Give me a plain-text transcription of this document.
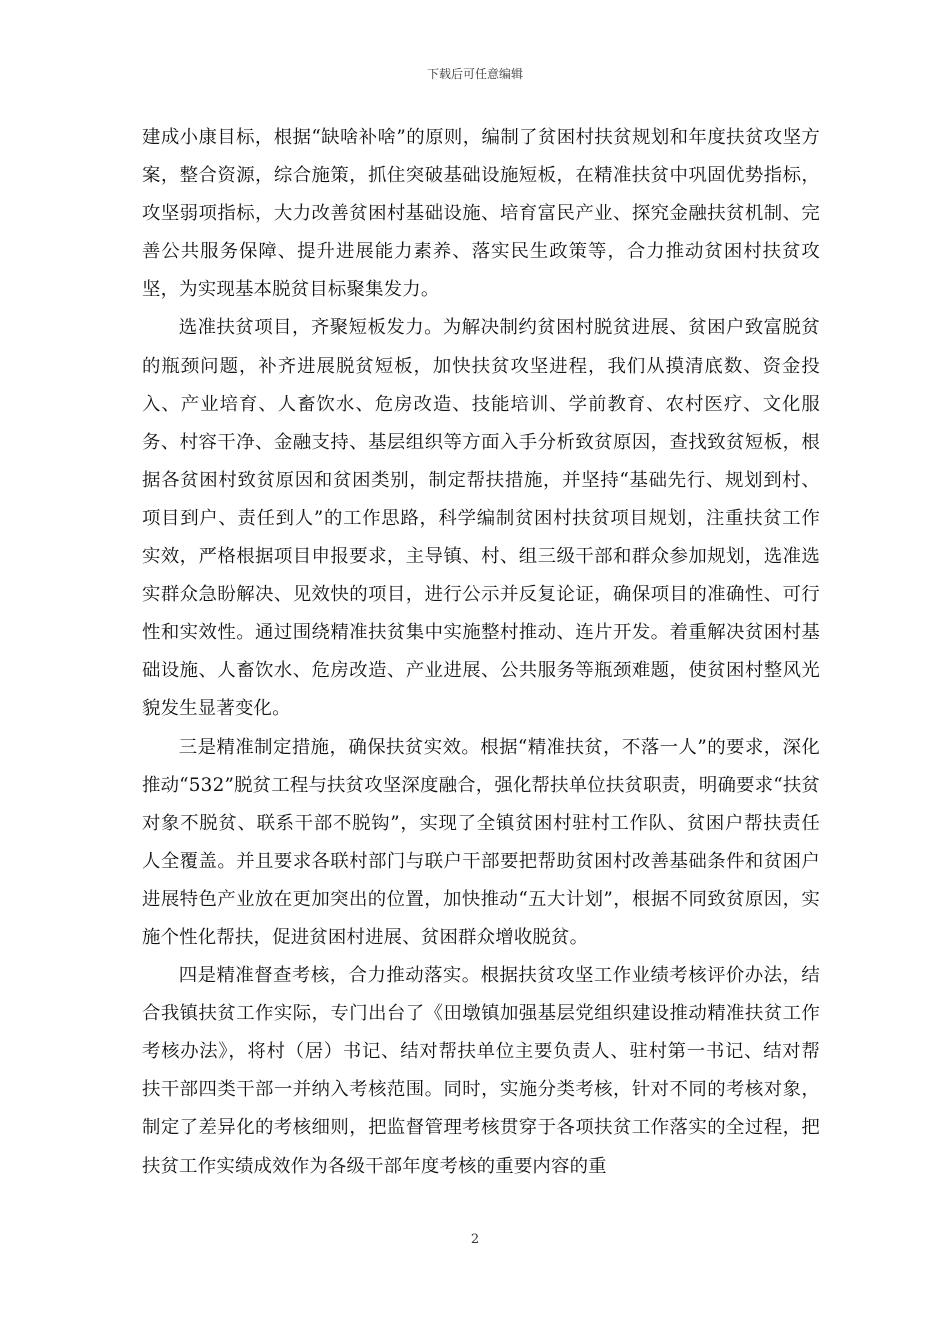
下载后可任意编辑

建成小康目标，根据“缺啥补啥”的原则，编制了贫困村扶贫规划和年度扶贫攻坚方案，整合资源，综合施策，抓住突破基础设施短板，在精准扶贫中巩固优势指标，攻坚弱项指标，大力改善贫困村基础设施、培育富民产业、探究金融扶贫机制、完善公共服务保障、提升进展能力素养、落实民生政策等，合力推动贫困村扶贫攻坚，为实现基本脱贫目标聚集发力。

选准扶贫项目，齐聚短板发力。为解决制约贫困村脱贫进展、贫困户致富脱贫的瓶颈问题，补齐进展脱贫短板，加快扶贫攻坚进程，我们从摸清底数、资金投入、产业培育、人畜饮水、危房改造、技能培训、学前教育、农村医疗、文化服务、村容干净、金融支持、基层组织等方面入手分析致贫原因，查找致贫短板，根据各贫困村致贫原因和贫困类别，制定帮扶措施，并坚持“基础先行、规划到村、项目到户、责任到人”的工作思路，科学编制贫困村扶贫项目规划，注重扶贫工作实效，严格根据项目申报要求，主导镇、村、组三级干部和群众参加规划，选准选实群众急盼解决、见效快的项目，进行公示并反复论证，确保项目的准确性、可行性和实效性。通过围绕精准扶贫集中实施整村推动、连片开发。着重解决贫困村基础设施、人畜饮水、危房改造、产业进展、公共服务等瓶颈难题，使贫困村整风光貌发生显著变化。

三是精准制定措施，确保扶贫实效。根据“精准扶贫，不落一人”的要求，深化推动“532”脱贫工程与扶贫攻坚深度融合，强化帮扶单位扶贫职责，明确要求“扶贫对象不脱贫、联系干部不脱钩”，实现了全镇贫困村驻村工作队、贫困户帮扶责任人全覆盖。并且要求各联村部门与联户干部要把帮助贫困村改善基础条件和贫困户进展特色产业放在更加突出的位置，加快推动“五大计划”，根据不同致贫原因，实施个性化帮扶，促进贫困村进展、贫困群众增收脱贫。

四是精准督查考核，合力推动落实。根据扶贫攻坚工作业绩考核评价办法，结合我镇扶贫工作实际，专门出台了《田墩镇加强基层党组织建设推动精准扶贫工作考核办法》，将村（居）书记、结对帮扶单位主要负责人、驻村第一书记、结对帮扶干部四类干部一并纳入考核范围。同时，实施分类考核，针对不同的考核对象，制定了差异化的考核细则，把监督管理考核贯穿于各项扶贫工作落实的全过程，把扶贫工作实绩成效作为各级干部年度考核的重要内容的重

2
